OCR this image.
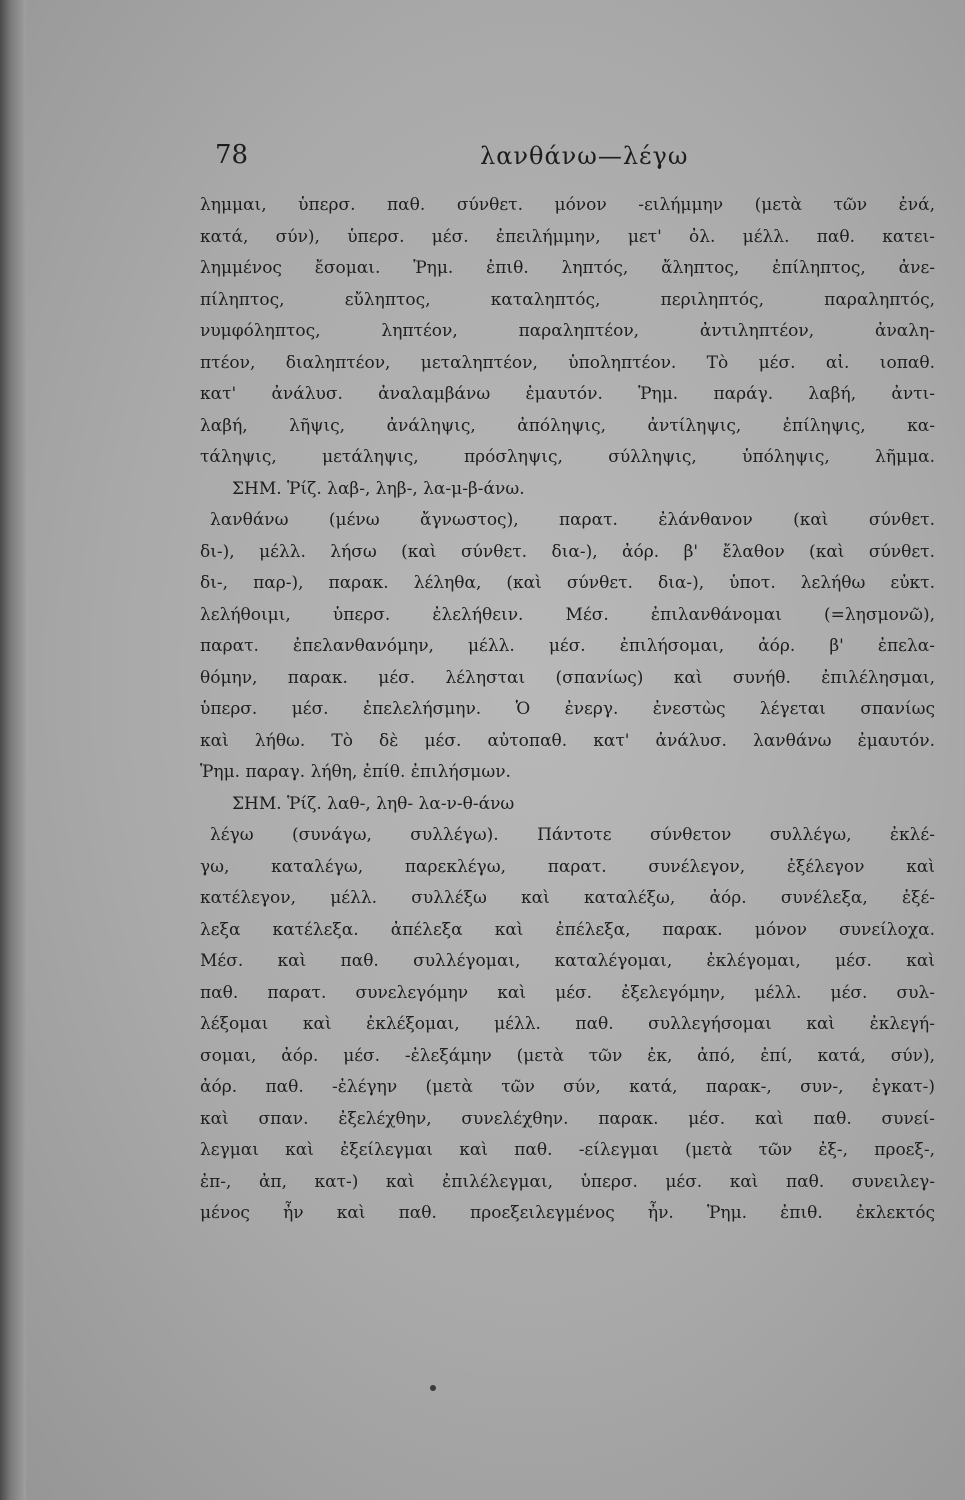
78	λανθάνω—λέγω
λημμαι, ὑπερσ. παθ. σύνθετ. μόνον -ειλήμμην (μετὰ τῶν ἐνά,
κατά, σύν), ὑπερσ. μέσ. ἐπειλήμμην, μετ' ὀλ. μέλλ. παθ. κατει-
λημμένος ἔσομαι. Ῥημ. ἐπιθ. ληπτός, ἄληπτος, ἐπίληπτος, ἀνε-
πίληπτος, εὔληπτος, καταληπτός, περιληπτός, παραληπτός,
νυμφόληπτος, ληπτέον, παραληπτέον, ἀντιληπτέον, ἀναλη-
πτέον, διαληπτέον, μεταληπτέον, ὑποληπτέον. Τὸ μέσ. αἰ. ιοπαθ.
κατ' ἀνάλυσ. ἀναλαμβάνω ἐμαυτόν. Ῥημ. παράγ. λαβή, ἀντι-
λαβή, λῆψις, ἀνάληψις, ἀπόληψις, ἀντίληψις, ἐπίληψις, κα-
τάληψις, μετάληψις, πρόσληψις, σύλληψις, ὑπόληψις, λῆμμα.
ΣΗΜ. Ῥίζ. λαβ-, ληβ-, λα-μ-β-άνω.
λανθάνω (μένω ἄγνωστος), παρατ. ἐλάνθανον (καὶ σύνθετ.
δι-), μέλλ. λήσω (καὶ σύνθετ. δια-), ἀόρ. β' ἔλαθον (καὶ σύνθετ.
δι-, παρ-), παρακ. λέληθα, (καὶ σύνθετ. δια-), ὑποτ. λελήθω εὐκτ.
λελήθοιμι, ὑπερσ. ἐλελήθειν. Μέσ. ἐπιλανθάνομαι (=λησμονῶ),
παρατ. ἐπελανθανόμην, μέλλ. μέσ. ἐπιλήσομαι, ἀόρ. β' ἐπελα-
θόμην, παρακ. μέσ. λέλησται (σπανίως) καὶ συνήθ. ἐπιλέλησμαι,
ὑπερσ. μέσ. ἐπελελήσμην. Ὁ ἐνεργ. ἐνεστὼς λέγεται σπανίως
καὶ λήθω. Τὸ δὲ μέσ. αὐτοπαθ. κατ' ἀνάλυσ. λανθάνω ἐμαυτόν.
Ῥημ. παραγ. λήθη, ἐπίθ. ἐπιλήσμων.
ΣΗΜ. Ῥίζ. λαθ-, ληθ- λα-ν-θ-άνω
λέγω (συνάγω, συλλέγω). Πάντοτε σύνθετον συλλέγω, ἐκλέ-
γω, καταλέγω, παρεκλέγω, παρατ. συνέλεγον, ἐξέλεγον καὶ
κατέλεγον, μέλλ. συλλέξω καὶ καταλέξω, ἀόρ. συνέλεξα, ἐξέ-
λεξα κατέλεξα. ἀπέλεξα καὶ ἐπέλεξα, παρακ. μόνον συνείλοχα.
Μέσ. καὶ παθ. συλλέγομαι, καταλέγομαι, ἐκλέγομαι, μέσ. καὶ
παθ. παρατ. συνελεγόμην καὶ μέσ. ἐξελεγόμην, μέλλ. μέσ. συλ-
λέξομαι καὶ ἐκλέξομαι, μέλλ. παθ. συλλεγήσομαι καὶ ἐκλεγή-
σομαι, ἀόρ. μέσ. -ἐλεξάμην (μετὰ τῶν ἐκ, ἀπό, ἐπί, κατά, σύν),
ἀόρ. παθ. -ἐλέγην (μετὰ τῶν σύν, κατά, παρακ-, συν-, ἐγκατ-)
καὶ σπαν. ἐξελέχθην, συνελέχθην. παρακ. μέσ. καὶ παθ. συνεί-
λεγμαι καὶ ἐξείλεγμαι καὶ παθ. -είλεγμαι (μετὰ τῶν ἐξ-, προεξ-,
ἐπ-, ἀπ, κατ-) καὶ ἐπιλέλεγμαι, ὑπερσ. μέσ. καὶ παθ. συνειλεγ-
μένος ἦν καὶ παθ. προεξειλεγμένος ἦν. Ῥημ. ἐπιθ. ἐκλεκτός
